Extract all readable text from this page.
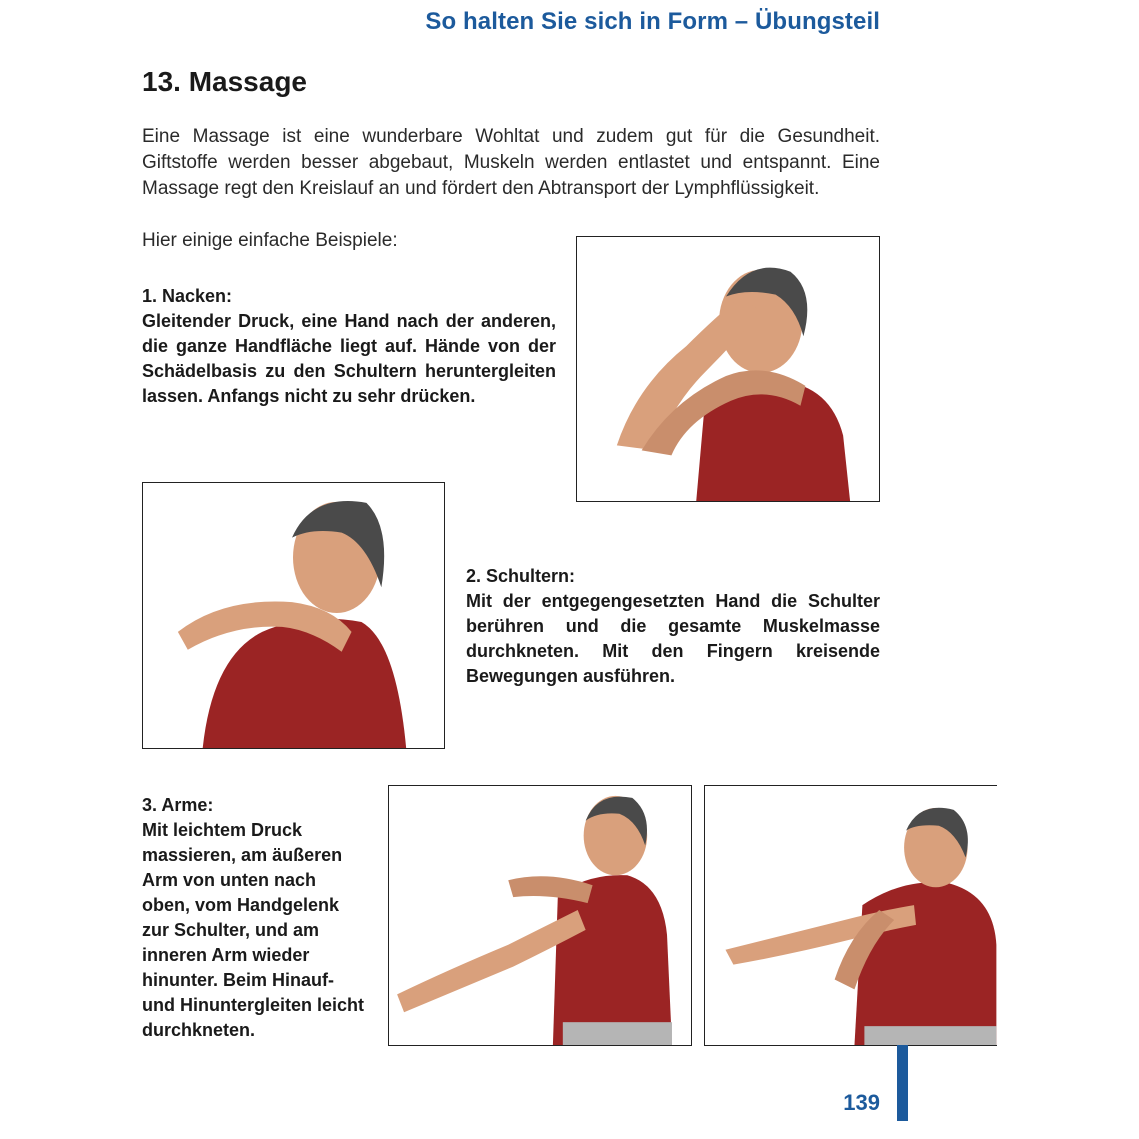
So halten Sie sich in Form – Übungsteil
13. Massage

Eine Massage ist eine wunderbare Wohltat und zudem gut für die Gesundheit. Giftstoffe werden besser abgebaut, Muskeln werden entlastet und entspannt. Eine Massage regt den Kreislauf an und fördert den Abtransport der Lymphflüssigkeit.

Hier einige einfache Beispiele:
1. Nacken:
Gleitender Druck, eine Hand nach der anderen, die ganze Handfläche liegt auf. Hände von der Schädelbasis zu den Schultern heruntergleiten lassen. Anfangs nicht zu sehr drücken.
2. Schultern:
Mit der entgegengesetzten Hand die Schulter berühren und die gesamte Muskelmasse durchkneten. Mit den Fingern kreisende Bewegungen ausführen.
3. Arme:
Mit leichtem Druck massieren, am äußeren Arm von unten nach oben, vom Handgelenk zur Schulter, und am inneren Arm wieder hinunter. Beim Hinauf- und Hinuntergleiten leicht durchkneten.
139
